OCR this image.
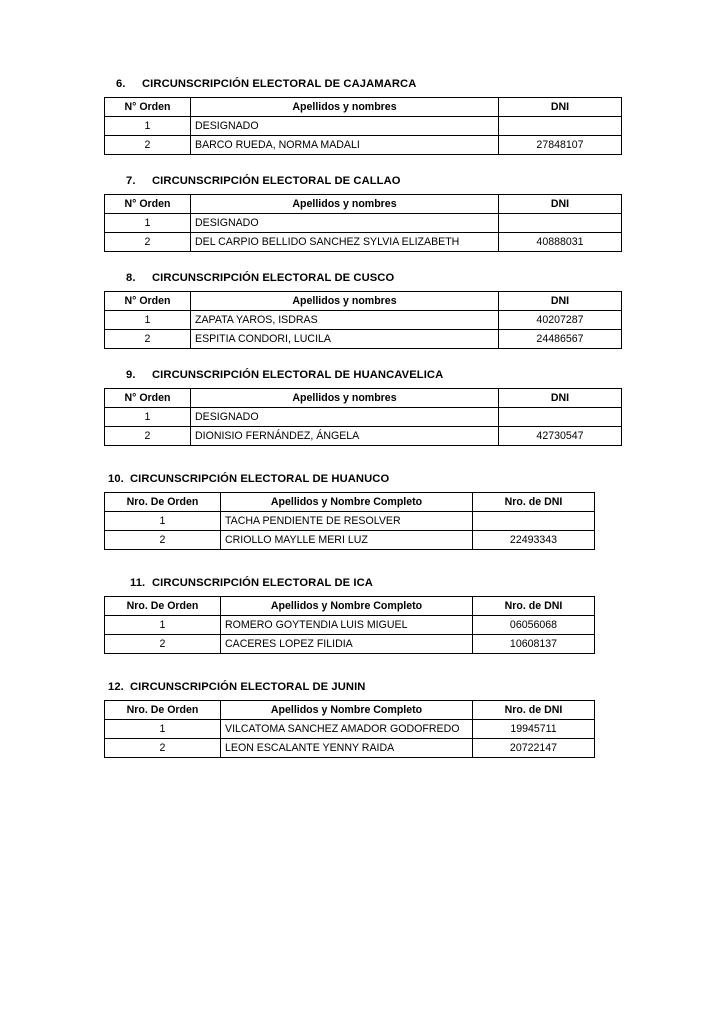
6.	CIRCUNSCRIPCIÓN ELECTORAL DE CAJAMARCA
N° Orden	Apellidos y nombres	DNI
1	DESIGNADO	
2	BARCO RUEDA, NORMA MADALI	27848107
7.	CIRCUNSCRIPCIÓN ELECTORAL DE CALLAO
N° Orden	Apellidos y nombres	DNI
1	DESIGNADO	
2	DEL CARPIO BELLIDO SANCHEZ SYLVIA ELIZABETH	40888031
8.	CIRCUNSCRIPCIÓN ELECTORAL DE CUSCO
N° Orden	Apellidos y nombres	DNI
1	ZAPATA YAROS, ISDRAS	40207287
2	ESPITIA CONDORI, LUCILA	24486567
9.	CIRCUNSCRIPCIÓN ELECTORAL DE HUANCAVELICA
N° Orden	Apellidos y nombres	DNI
1	DESIGNADO	
2	DIONISIO FERNÁNDEZ, ÁNGELA	42730547
10. CIRCUNSCRIPCIÓN ELECTORAL DE HUANUCO
Nro. De Orden	Apellidos y Nombre Completo	Nro. de DNI
1	TACHA PENDIENTE DE RESOLVER	
2	CRIOLLO MAYLLE MERI LUZ	22493343
11. CIRCUNSCRIPCIÓN ELECTORAL DE ICA
Nro. De Orden	Apellidos y Nombre Completo	Nro. de DNI
1	ROMERO GOYTENDIA LUIS MIGUEL	06056068
2	CACERES LOPEZ FILIDIA	10608137
12. CIRCUNSCRIPCIÓN ELECTORAL DE JUNIN
Nro. De Orden	Apellidos y Nombre Completo	Nro. de DNI
1	VILCATOMA SANCHEZ AMADOR GODOFREDO	19945711
2	LEON ESCALANTE YENNY RAIDA	20722147
